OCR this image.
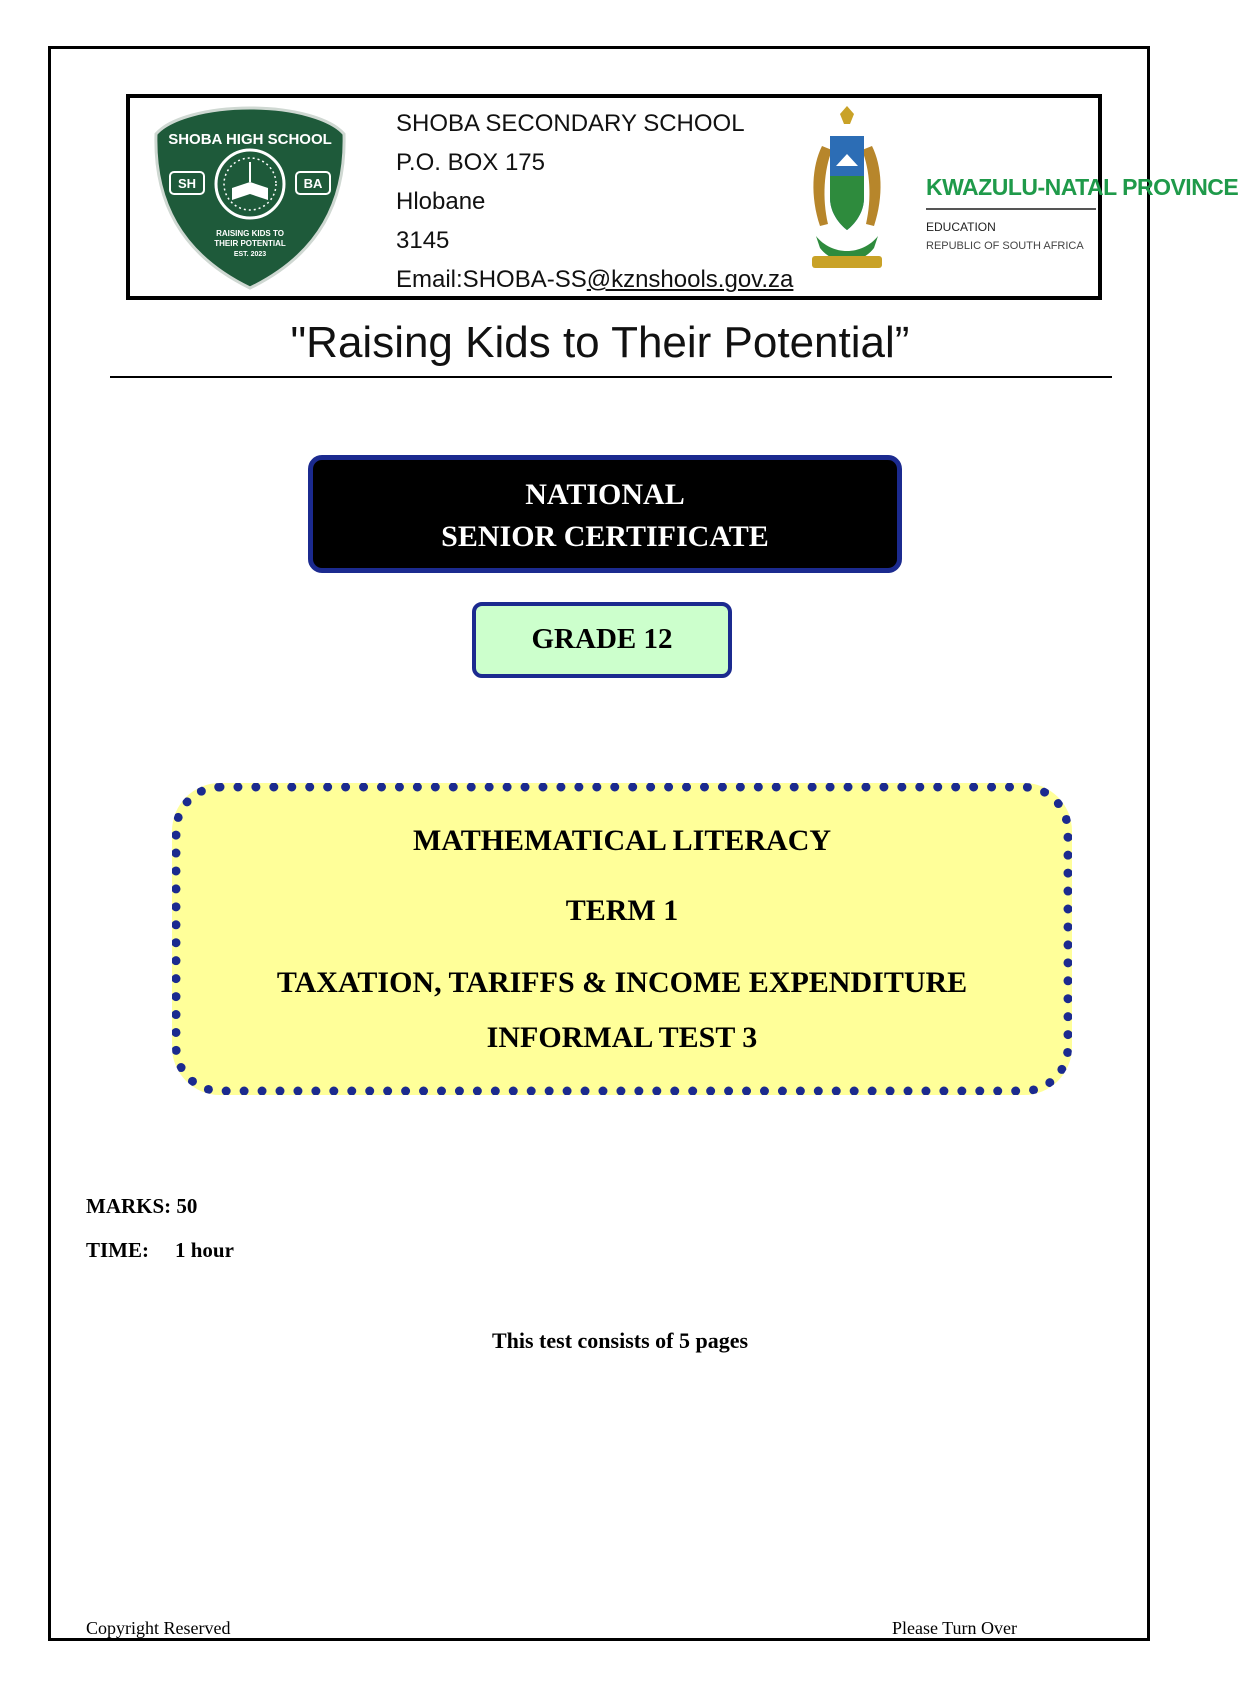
SHOBA HIGH SCHOOL
SH	BA
RAISING KIDS TO
THEIR POTENTIAL
EST. 2023
SHOBA SECONDARY SCHOOL
P.O. BOX 175
Hlobane
3145
Email:SHOBA-SS@kznshools.gov.za
KWAZULU-NATAL PROVINCE
EDUCATION
REPUBLIC OF SOUTH AFRICA
"Raising Kids to Their Potential”
NATIONAL
SENIOR CERTIFICATE
GRADE 12
MATHEMATICAL LITERACY
TERM 1
TAXATION, TARIFFS & INCOME EXPENDITURE
INFORMAL TEST 3
MARKS: 50
TIME: 1 hour
This test consists of 5 pages
Copyright Reserved	Please Turn Over
